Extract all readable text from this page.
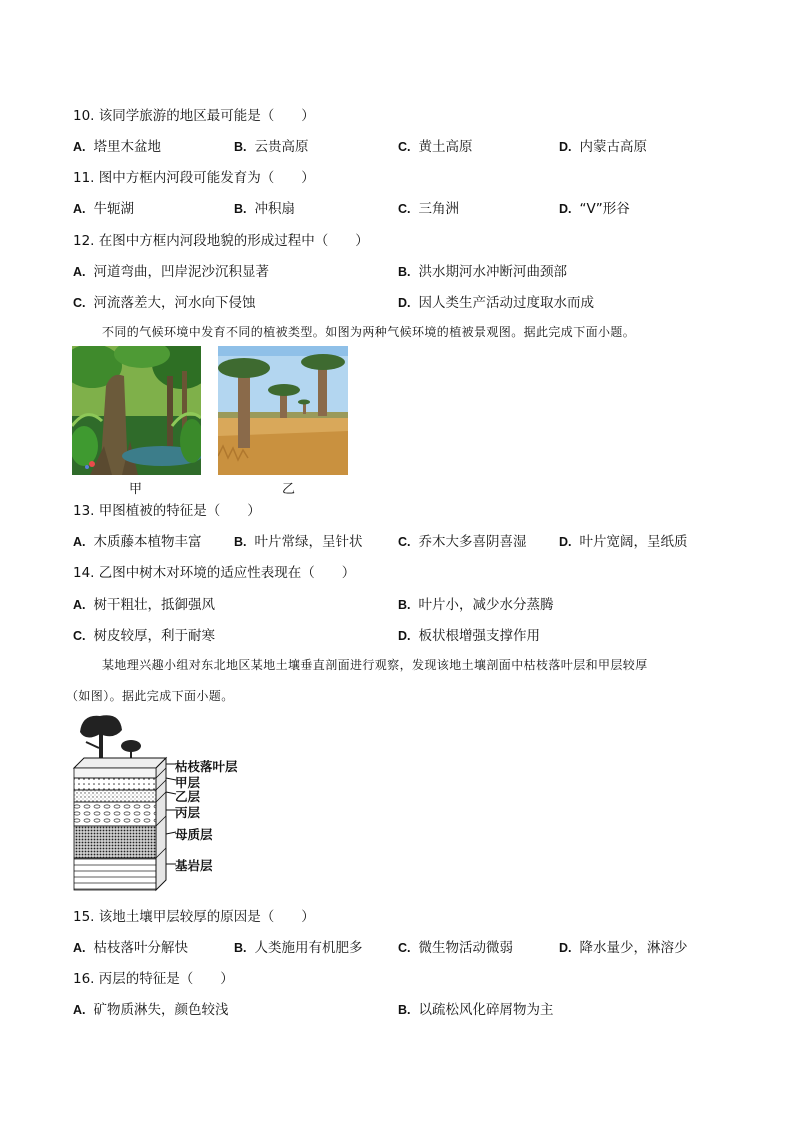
10. 该同学旅游的地区最可能是（　　）
A. 塔里木盆地	B. 云贵高原	C. 黄土高原	D. 内蒙古高原
11. 图中方框内河段可能发育为（　　）
A. 牛轭湖	B. 冲积扇	C. 三角洲	D. “V”形谷
12. 在图中方框内河段地貌的形成过程中（　　）
A. 河道弯曲，凹岸泥沙沉积显著	B. 洪水期河水冲断河曲颈部
C. 河流落差大，河水向下侵蚀	D. 因人类生产活动过度取水而成
不同的气候环境中发育不同的植被类型。如图为两种气候环境的植被景观图。据此完成下面小题。
甲	乙
13. 甲图植被的特征是（　　）
A. 木质藤本植物丰富	B. 叶片常绿，呈针状	C. 乔木大多喜阴喜湿	D. 叶片宽阔，呈纸质
14. 乙图中树木对环境的适应性表现在（　　）
A. 树干粗壮，抵御强风	B. 叶片小，减少水分蒸腾
C. 树皮较厚，利于耐寒	D. 板状根增强支撑作用
某地理兴趣小组对东北地区某地土壤垂直剖面进行观察，发现该地土壤剖面中枯枝落叶层和甲层较厚
（如图）。据此完成下面小题。
枯枝落叶层
甲层
乙层
丙层
母质层
基岩层
15. 该地土壤甲层较厚的原因是（　　）
A. 枯枝落叶分解快	B. 人类施用有机肥多	C. 微生物活动微弱	D. 降水量少，淋溶少
16. 丙层的特征是（　　）
A. 矿物质淋失，颜色较浅	B. 以疏松风化碎屑物为主
